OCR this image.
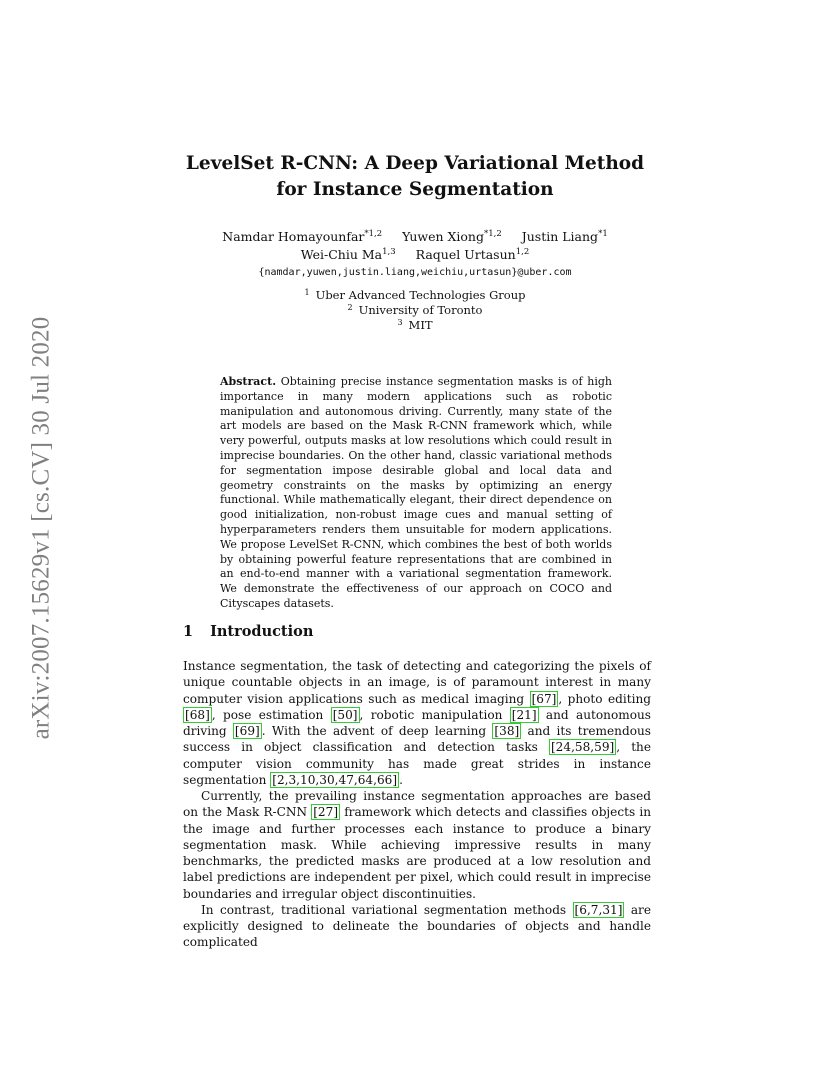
arXiv:2007.15629v1 [cs.CV] 30 Jul 2020
LevelSet R-CNN: A Deep Variational Method
for Instance Segmentation
Namdar Homayounfar$^{*1,2}$ Yuwen Xiong$^{*1,2}$ Justin Liang$^{*1}$
Wei-Chiu Ma$^{1,3}$ Raquel Urtasun$^{1,2}$
{namdar,yuwen,justin.liang,weichiu,urtasun}@uber.com
$^1$ Uber Advanced Technologies Group
$^2$ University of Toronto
$^3$ MIT
Abstract. Obtaining precise instance segmentation masks is of high importance in many modern applications such as robotic manipulation and autonomous driving. Currently, many state of the art models are based on the Mask R-CNN framework which, while very powerful, outputs masks at low resolutions which could result in imprecise boundaries. On the other hand, classic variational methods for segmentation impose desirable global and local data and geometry constraints on the masks by optimizing an energy functional. While mathematically elegant, their direct dependence on good initialization, non-robust image cues and manual setting of hyperparameters renders them unsuitable for modern applications. We propose LevelSet R-CNN, which combines the best of both worlds by obtaining powerful feature representations that are combined in an end-to-end manner with a variational segmentation framework. We demonstrate the effectiveness of our approach on COCO and Cityscapes datasets.
1 Introduction

Instance segmentation, the task of detecting and categorizing the pixels of unique countable objects in an image, is of paramount interest in many computer vision applications such as medical imaging [67] , photo editing [68] , pose estimation [50] , robotic manipulation [21] and autonomous driving [69] . With the advent of deep learning [38] and its tremendous success in object classification and detection tasks [24,58,59] , the computer vision community has made great strides in instance segmentation [2,3,10,30,47,64,66] .

Currently, the prevailing instance segmentation approaches are based on the Mask R-CNN [27] framework which detects and classifies objects in the image and further processes each instance to produce a binary segmentation mask. While achieving impressive results in many benchmarks, the predicted masks are produced at a low resolution and label predictions are independent per pixel, which could result in imprecise boundaries and irregular object discontinuities.

In contrast, traditional variational segmentation methods [6,7,31] are explicitly designed to delineate the boundaries of objects and handle complicated
